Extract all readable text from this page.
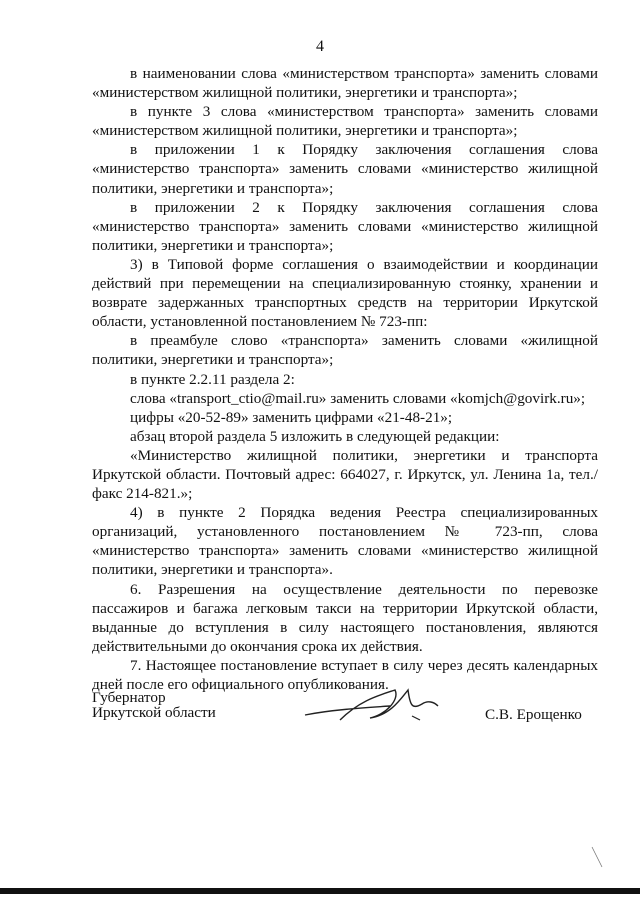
4

в наименовании слова «министерством транспорта» заменить словами «министерством жилищной политики, энергетики и транспорта»;

в пункте 3 слова «министерством транспорта» заменить словами «министерством жилищной политики, энергетики и транспорта»;

в приложении 1 к Порядку заключения соглашения слова «министерство транспорта» заменить словами «министерство жилищной политики, энергетики и транспорта»;

в приложении 2 к Порядку заключения соглашения слова «министерство транспорта» заменить словами «министерство жилищной политики, энергетики и транспорта»;

3) в Типовой форме соглашения о взаимодействии и координации действий при перемещении на специализированную стоянку, хранении и возврате задержанных транспортных средств на территории Иркутской области, установленной постановлением № 723-пп:

в преамбуле слово «транспорта» заменить словами «жилищной политики, энергетики и транспорта»;

в пункте 2.2.11 раздела 2:

слова «transport_ctio@mail.ru» заменить словами «komjch@govirk.ru»;

цифры «20-52-89» заменить цифрами «21-48-21»;

абзац второй раздела 5 изложить в следующей редакции:

«Министерство жилищной политики, энергетики и транспорта Иркутской области. Почтовый адрес: 664027, г. Иркутск, ул. Ленина 1а, тел./факс 214-821.»;

4) в пункте 2 Порядка ведения Реестра специализированных организаций, установленного постановлением № 723-пп, слова «министерство транспорта» заменить словами «министерство жилищной политики, энергетики и транспорта».

6. Разрешения на осуществление деятельности по перевозке пассажиров и багажа легковым такси на территории Иркутской области, выданные до вступления в силу настоящего постановления, являются действительными до окончания срока их действия.

7. Настоящее постановление вступает в силу через десять календарных дней после его официального опубликования.

Губернатор
Иркутской области	С.В. Ерощенко
